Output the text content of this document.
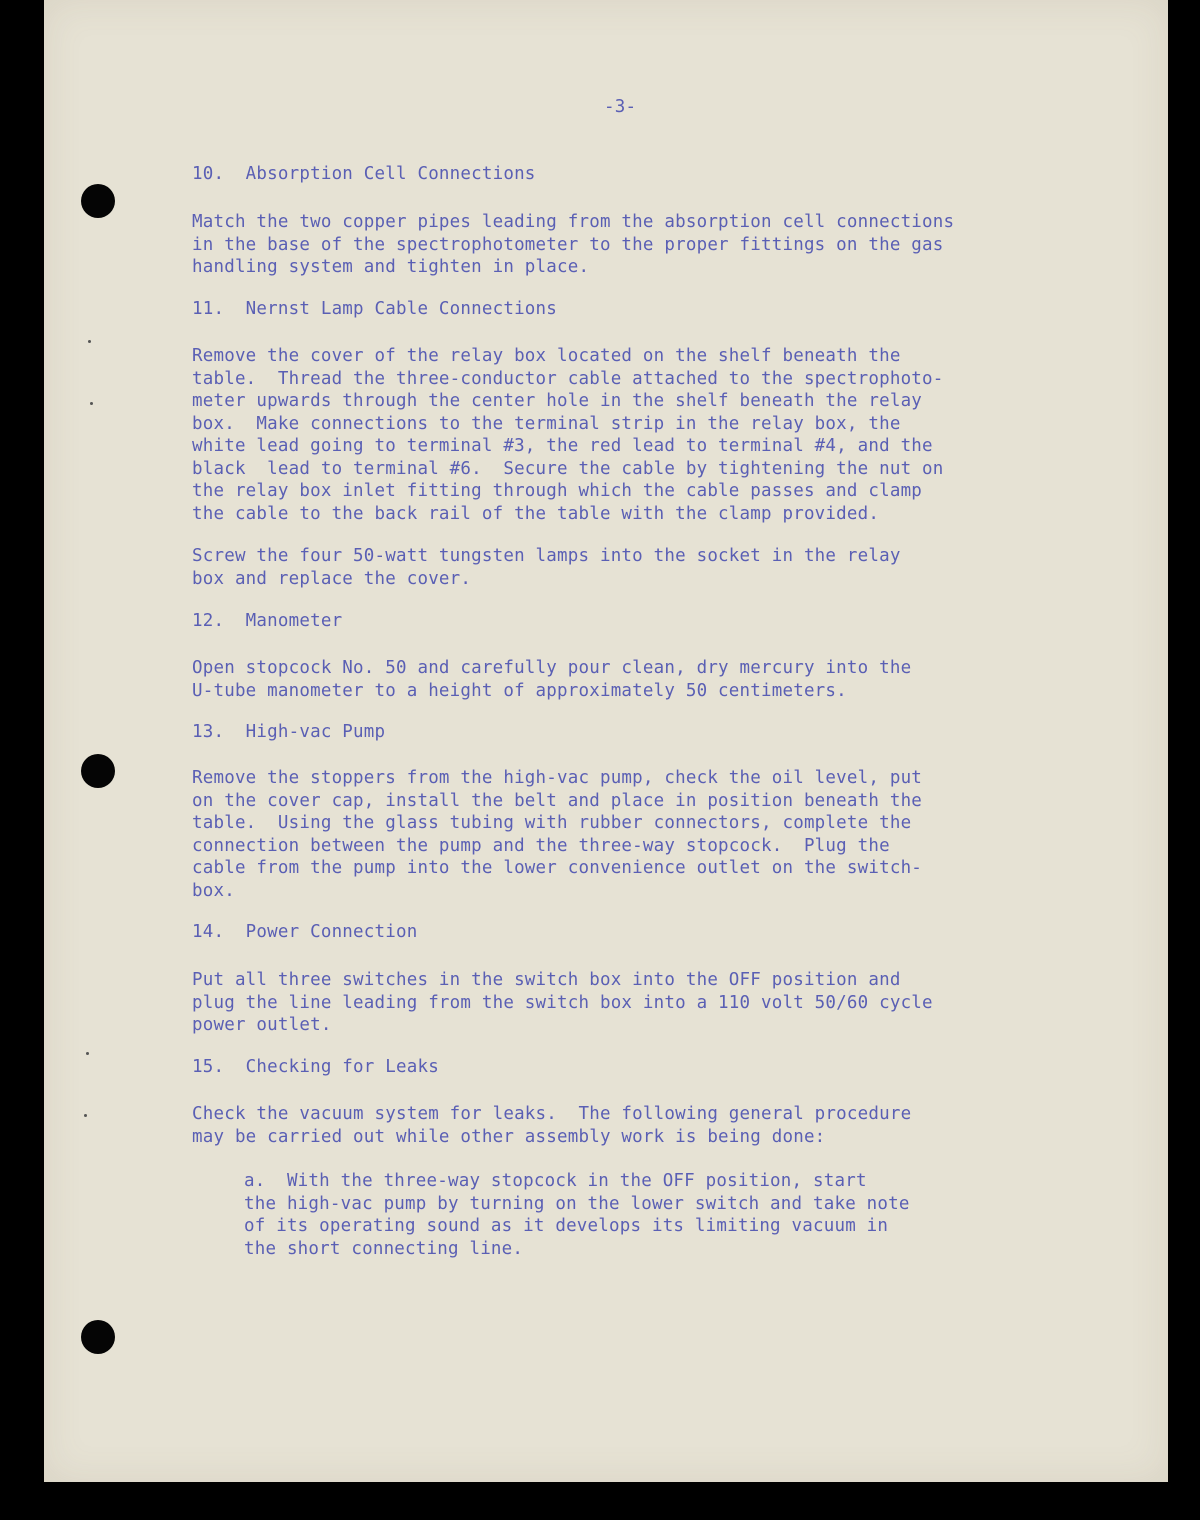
-3-

10.  Absorption Cell Connections

Match the two copper pipes leading from the absorption cell connections
in the base of the spectrophotometer to the proper fittings on the gas
handling system and tighten in place.

11.  Nernst Lamp Cable Connections

Remove the cover of the relay box located on the shelf beneath the
table.  Thread the three-conductor cable attached to the spectrophoto-
meter upwards through the center hole in the shelf beneath the relay
box.  Make connections to the terminal strip in the relay box, the
white lead going to terminal #3, the red lead to terminal #4, and the
black  lead to terminal #6.  Secure the cable by tightening the nut on
the relay box inlet fitting through which the cable passes and clamp
the cable to the back rail of the table with the clamp provided.

Screw the four 50-watt tungsten lamps into the socket in the relay
box and replace the cover.

12.  Manometer

Open stopcock No. 50 and carefully pour clean, dry mercury into the
U-tube manometer to a height of approximately 50 centimeters.

13.  High-vac Pump

Remove the stoppers from the high-vac pump, check the oil level, put
on the cover cap, install the belt and place in position beneath the
table.  Using the glass tubing with rubber connectors, complete the
connection between the pump and the three-way stopcock.  Plug the
cable from the pump into the lower convenience outlet on the switch-
box.

14.  Power Connection

Put all three switches in the switch box into the OFF position and
plug the line leading from the switch box into a 110 volt 50/60 cycle
power outlet.

15.  Checking for Leaks

Check the vacuum system for leaks.  The following general procedure
may be carried out while other assembly work is being done:

a.  With the three-way stopcock in the OFF position, start
the high-vac pump by turning on the lower switch and take note
of its operating sound as it develops its limiting vacuum in
the short connecting line.
